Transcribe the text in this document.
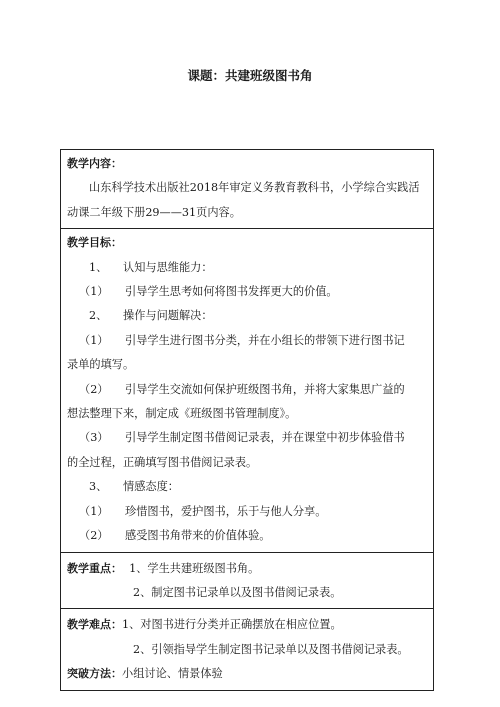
课题：共建班级图书角
教学内容：

山东科学技术出版社2018年审定义务教育教科书，小学综合实践活动课二年级下册29——31页内容。

教学目标：

1、 认知与思维能力：

（1） 引导学生思考如何将图书发挥更大的价值。

2、 操作与问题解决：

（1） 引导学生进行图书分类，并在小组长的带领下进行图书记

录单的填写。

（2） 引导学生交流如何保护班级图书角，并将大家集思广益的

想法整理下来，制定成《班级图书管理制度》。

（3） 引导学生制定图书借阅记录表，并在课堂中初步体验借书

的全过程，正确填写图书借阅记录表。

3、 情感态度：

（1） 珍惜图书，爱护图书，乐于与他人分享。

（2） 感受图书角带来的价值体验。

教学重点： 1、学生共建班级图书角。

2、制定图书记录单以及图书借阅记录表。

教学难点：1、对图书进行分类并正确摆放在相应位置。

2、引领指导学生制定图书记录单以及图书借阅记录表。

突破方法：小组讨论、情景体验
